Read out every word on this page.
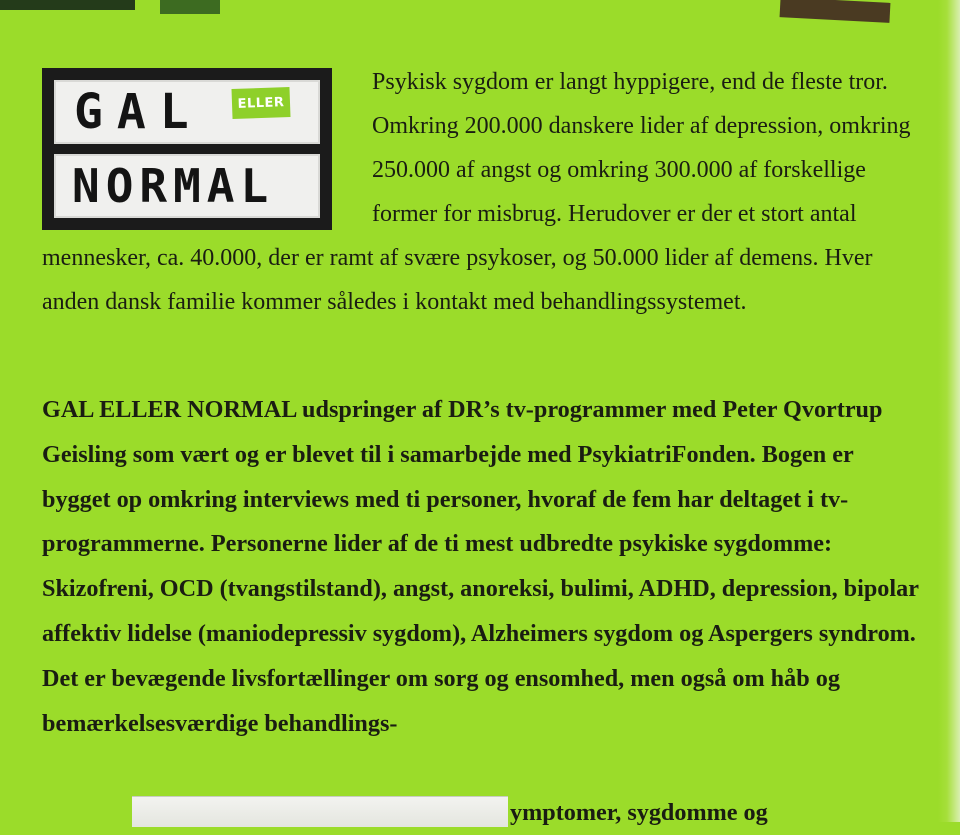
Psykisk sygdom er langt hyppigere, end de fleste tror. Omkring 200.000 danskere lider af depression, omkring 250.000 af angst og omkring 300.000 af forskellige former for misbrug. Herudover er der et stort antal mennesker, ca. 40.000, der er ramt af svære psykoser, og 50.000 lider af demens. Hver anden dansk familie kommer således i kontakt med behandlingssystemet.

GAL	ELLER
NORMAL

GAL ELLER NORMAL udspringer af DR’s tv-programmer med Peter Qvortrup Geisling som vært og er blevet til i samarbejde med PsykiatriFonden. Bogen er bygget op omkring interviews med ti personer, hvoraf de fem har deltaget i tv-programmerne. Personerne lider af de ti mest udbredte psykiske sygdomme: Skizofreni, OCD (tvangstilstand), angst, anoreksi, bulimi, ADHD, depression, bipolar affektiv lidelse (maniodepressiv sygdom), Alzheimers sygdom og Aspergers syndrom. Det er bevægende livsfortællinger om sorg og ensomhed, men også om håb og bemærkelsesværdige behandlings-

ymptomer, sygdomme og
